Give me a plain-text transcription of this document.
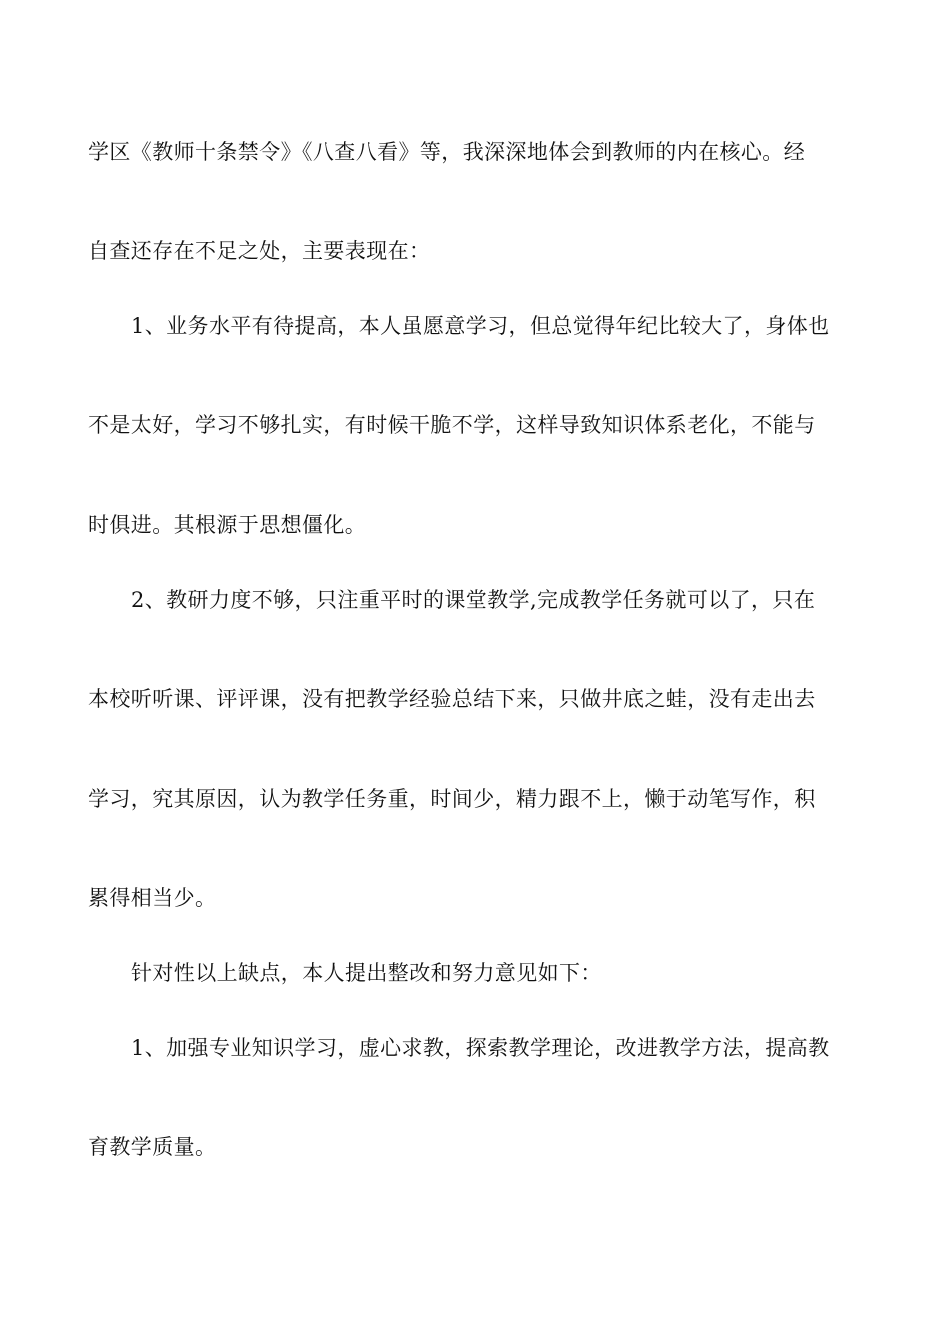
学区《教师十条禁令》《八查八看》等，我深深地体会到教师的内在核心。经
自查还存在不足之处，主要表现在：
1、业务水平有待提高，本人虽愿意学习，但总觉得年纪比较大了，身体也
不是太好，学习不够扎实，有时候干脆不学，这样导致知识体系老化，不能与
时俱进。其根源于思想僵化。
2、教研力度不够，只注重平时的课堂教学,完成教学任务就可以了，只在
本校听听课、评评课，没有把教学经验总结下来，只做井底之蛙，没有走出去
学习，究其原因，认为教学任务重，时间少，精力跟不上，懒于动笔写作，积
累得相当少。
针对性以上缺点，本人提出整改和努力意见如下：
1、加强专业知识学习，虚心求教，探索教学理论，改进教学方法，提高教
育教学质量。
